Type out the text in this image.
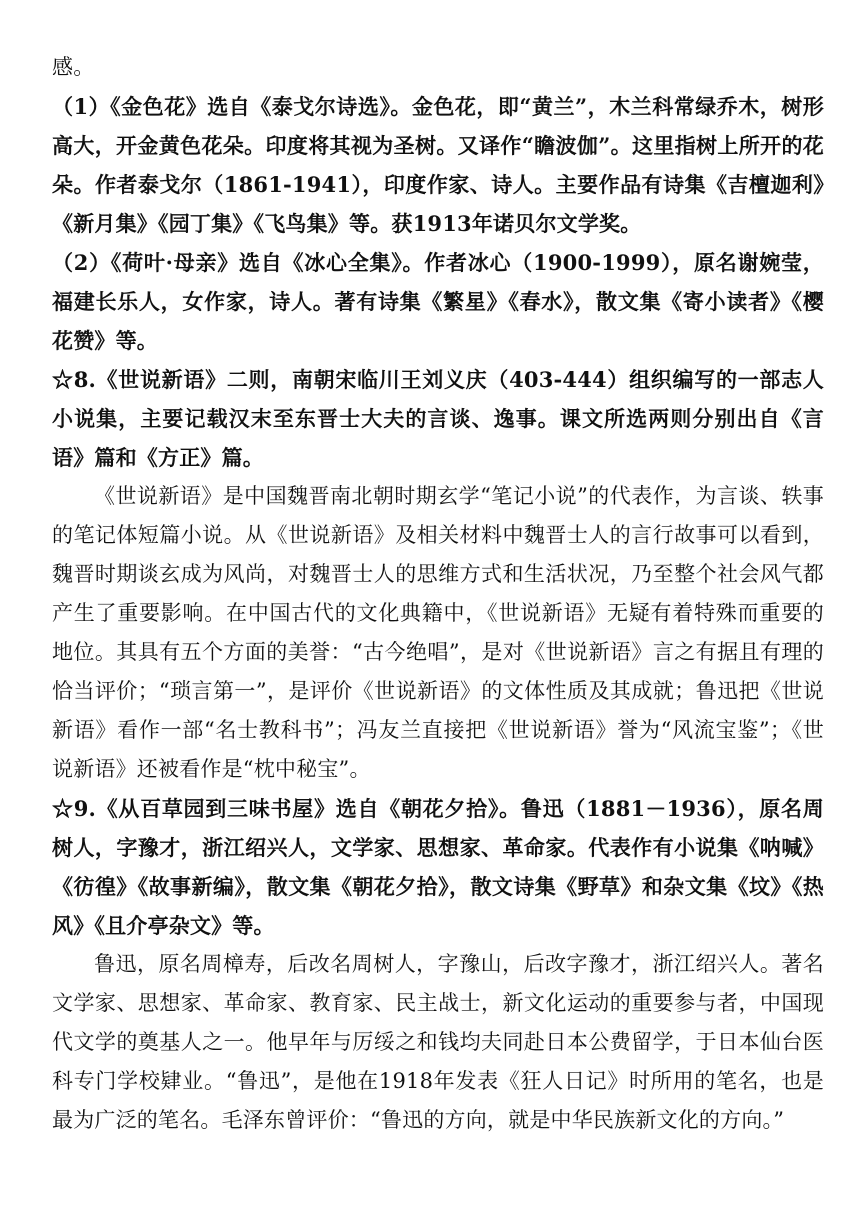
感。

（1）《金色花》选自《泰戈尔诗选》。金色花，即“黄兰”，木兰科常绿乔木，树形高大，开金黄色花朵。印度将其视为圣树。又译作“瞻波伽”。这里指树上所开的花朵。作者泰戈尔（1861-1941），印度作家、诗人。主要作品有诗集《吉檀迦利》《新月集》《园丁集》《飞鸟集》等。获1913年诺贝尔文学奖。

（2）《荷叶·母亲》选自《冰心全集》。作者冰心（1900-1999），原名谢婉莹，福建长乐人，女作家，诗人。著有诗集《繁星》《春水》，散文集《寄小读者》《樱花赞》等。

☆8.《世说新语》二则，南朝宋临川王刘义庆（403-444）组织编写的一部志人小说集，主要记载汉末至东晋士大夫的言谈、逸事。课文所选两则分别出自《言语》篇和《方正》篇。

《世说新语》是中国魏晋南北朝时期玄学“笔记小说”的代表作，为言谈、轶事的笔记体短篇小说。从《世说新语》及相关材料中魏晋士人的言行故事可以看到，魏晋时期谈玄成为风尚，对魏晋士人的思维方式和生活状况，乃至整个社会风气都产生了重要影响。在中国古代的文化典籍中，《世说新语》无疑有着特殊而重要的地位。其具有五个方面的美誉：“古今绝唱”，是对《世说新语》言之有据且有理的恰当评价；“琐言第一”，是评价《世说新语》的文体性质及其成就；鲁迅把《世说新语》看作一部“名士教科书”；冯友兰直接把《世说新语》誉为“风流宝鉴”；《世说新语》还被看作是“枕中秘宝”。

☆9.《从百草园到三味书屋》选自《朝花夕拾》。鲁迅（1881－1936），原名周树人，字豫才，浙江绍兴人，文学家、思想家、革命家。代表作有小说集《呐喊》《彷徨》《故事新编》，散文集《朝花夕拾》，散文诗集《野草》和杂文集《坟》《热风》《且介亭杂文》等。

鲁迅，原名周樟寿，后改名周树人，字豫山，后改字豫才，浙江绍兴人。著名文学家、思想家、革命家、教育家、民主战士，新文化运动的重要参与者，中国现代文学的奠基人之一。他早年与厉绥之和钱均夫同赴日本公费留学，于日本仙台医科专门学校肄业。“鲁迅”，是他在1918年发表《狂人日记》时所用的笔名，也是最为广泛的笔名。毛泽东曾评价：“鲁迅的方向，就是中华民族新文化的方向。”
